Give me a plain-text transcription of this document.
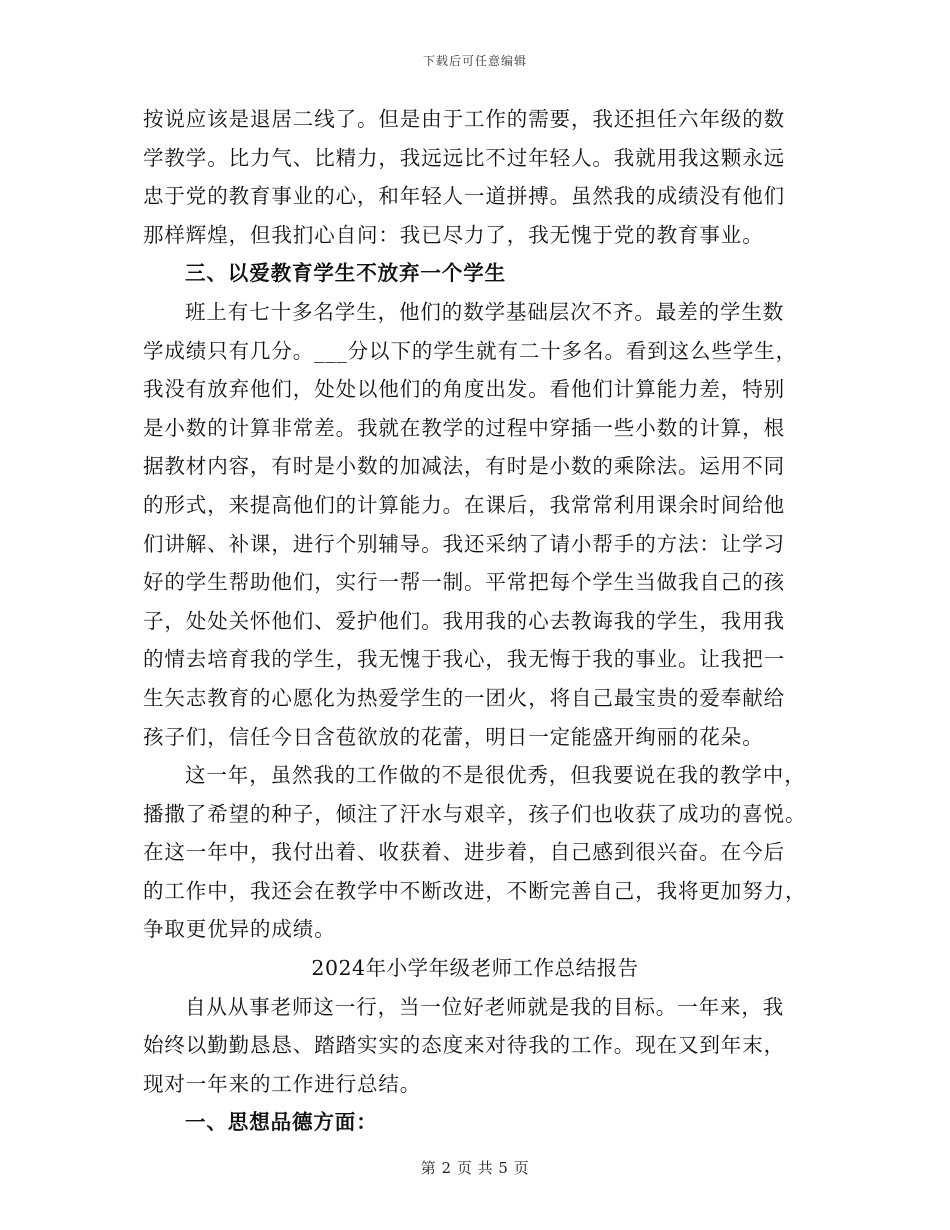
下载后可任意编辑
按说应该是退居二线了。但是由于工作的需要，我还担任六年级的数
学教学。比力气、比精力，我远远比不过年轻人。我就用我这颗永远
忠于党的教育事业的心，和年轻人一道拼搏。虽然我的成绩没有他们
那样辉煌，但我扪心自问：我已尽力了，我无愧于党的教育事业。
三、以爱教育学生不放弃一个学生
班上有七十多名学生，他们的数学基础层次不齐。最差的学生数
学成绩只有几分。___分以下的学生就有二十多名。看到这么些学生，
我没有放弃他们，处处以他们的角度出发。看他们计算能力差，特别
是小数的计算非常差。我就在教学的过程中穿插一些小数的计算，根
据教材内容，有时是小数的加减法，有时是小数的乘除法。运用不同
的形式，来提高他们的计算能力。在课后，我常常利用课余时间给他
们讲解、补课，进行个别辅导。我还采纳了请小帮手的方法：让学习
好的学生帮助他们，实行一帮一制。平常把每个学生当做我自己的孩
子，处处关怀他们、爱护他们。我用我的心去教诲我的学生，我用我
的情去培育我的学生，我无愧于我心，我无悔于我的事业。让我把一
生矢志教育的心愿化为热爱学生的一团火，将自己最宝贵的爱奉献给
孩子们，信任今日含苞欲放的花蕾，明日一定能盛开绚丽的花朵。
这一年，虽然我的工作做的不是很优秀，但我要说在我的教学中，
播撒了希望的种子，倾注了汗水与艰辛，孩子们也收获了成功的喜悦。
在这一年中，我付出着、收获着、进步着，自己感到很兴奋。在今后
的工作中，我还会在教学中不断改进，不断完善自己，我将更加努力，
争取更优异的成绩。
2024年小学年级老师工作总结报告
自从从事老师这一行，当一位好老师就是我的目标。一年来，我
始终以勤勤恳恳、踏踏实实的态度来对待我的工作。现在又到年末，
现对一年来的工作进行总结。
一、思想品德方面：
第 2 页 共 5 页
